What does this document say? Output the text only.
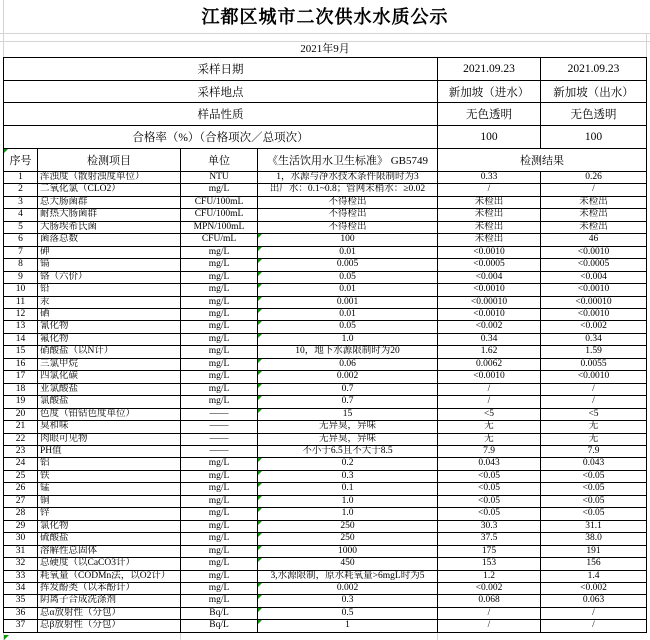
江都区城市二次供水水质公示
2021年9月
采样日期	2021.09.23	2021.09.23
采样地点	新加坡（进水）	新加坡（出水）
样品性质	无色透明	无色透明
合格率（%）（合格项次／总项次）	100	100
序号	检测项目	单位	《生活饮用水卫生标准》 GB5749	检测结果	
1	浑浊度（散射浊度单位）	NTU	1，水源与净水技术条件限制时为3	0.33	0.26
2	二氧化氯（CLO2）	mg/L	出厂水：0.1~0.8；管网末梢水：≥0.02	/	/
3	总大肠菌群	CFU/100mL	不得检出	未检出	未检出
4	耐热大肠菌群	CFU/100mL	不得检出	未检出	未检出
5	大肠埃希氏菌	MPN/100mL	不得检出	未检出	未检出
6	菌落总数	CFU/mL	100	未检出	46
7	砷	mg/L	0.01	<0.0010	<0.0010
8	镉	mg/L	0.005	<0.0005	<0.0005
9	铬（六价）	mg/L	0.05	<0.004	<0.004
10	铅	mg/L	0.01	<0.0010	<0.0010
11	汞	mg/L	0.001	<0.00010	<0.00010
12	硒	mg/L	0.01	<0.0010	<0.0010
13	氰化物	mg/L	0.05	<0.002	<0.002
14	氟化物	mg/L	1.0	0.34	0.34
15	硝酸盐（以N计）	mg/L	10，地下水源限制时为20	1.62	1.59
16	三氯甲烷	mg/L	0.06	0.0062	0.0055
17	四氯化碳	mg/L	0.002	<0.0010	<0.0010
18	亚氯酸盐	mg/L	0.7	/	/
19	氯酸盐	mg/L	0.7	/	/
20	色度（铂钴色度单位）	——	15	<5	<5
21	臭和味	——	无异臭，异味	无	无
22	肉眼可见物	——	无异臭，异味	无	无
23	PH值	——	不小于6.5且不大于8.5	7.9	7.9
24	铝	mg/L	0.2	0.043	0.043
25	铁	mg/L	0.3	<0.05	<0.05
26	锰	mg/L	0.1	<0.05	<0.05
27	铜	mg/L	1.0	<0.05	<0.05
28	锌	mg/L	1.0	<0.05	<0.05
29	氯化物	mg/L	250	30.3	31.1
30	硫酸盐	mg/L	250	37.5	38.0
31	溶解性总固体	mg/L	1000	175	191
32	总硬度（以CaCO3计）	mg/L	450	153	156
33	耗氧量（CODMn法，以O2计）	mg/L	3,水源限制，原水耗氧量>6mgL时为5	1.2	1.4
34	挥发酚类（以苯酚计）	mg/L	0.002	<0.002	<0.002
35	阴离子合成洗涤剂	mg/L	0.3	0.068	0.063
36	总α放射性（分包）	Bq/L	0.5	/	/
37	总β放射性（分包）	Bq/L	1	/	/
